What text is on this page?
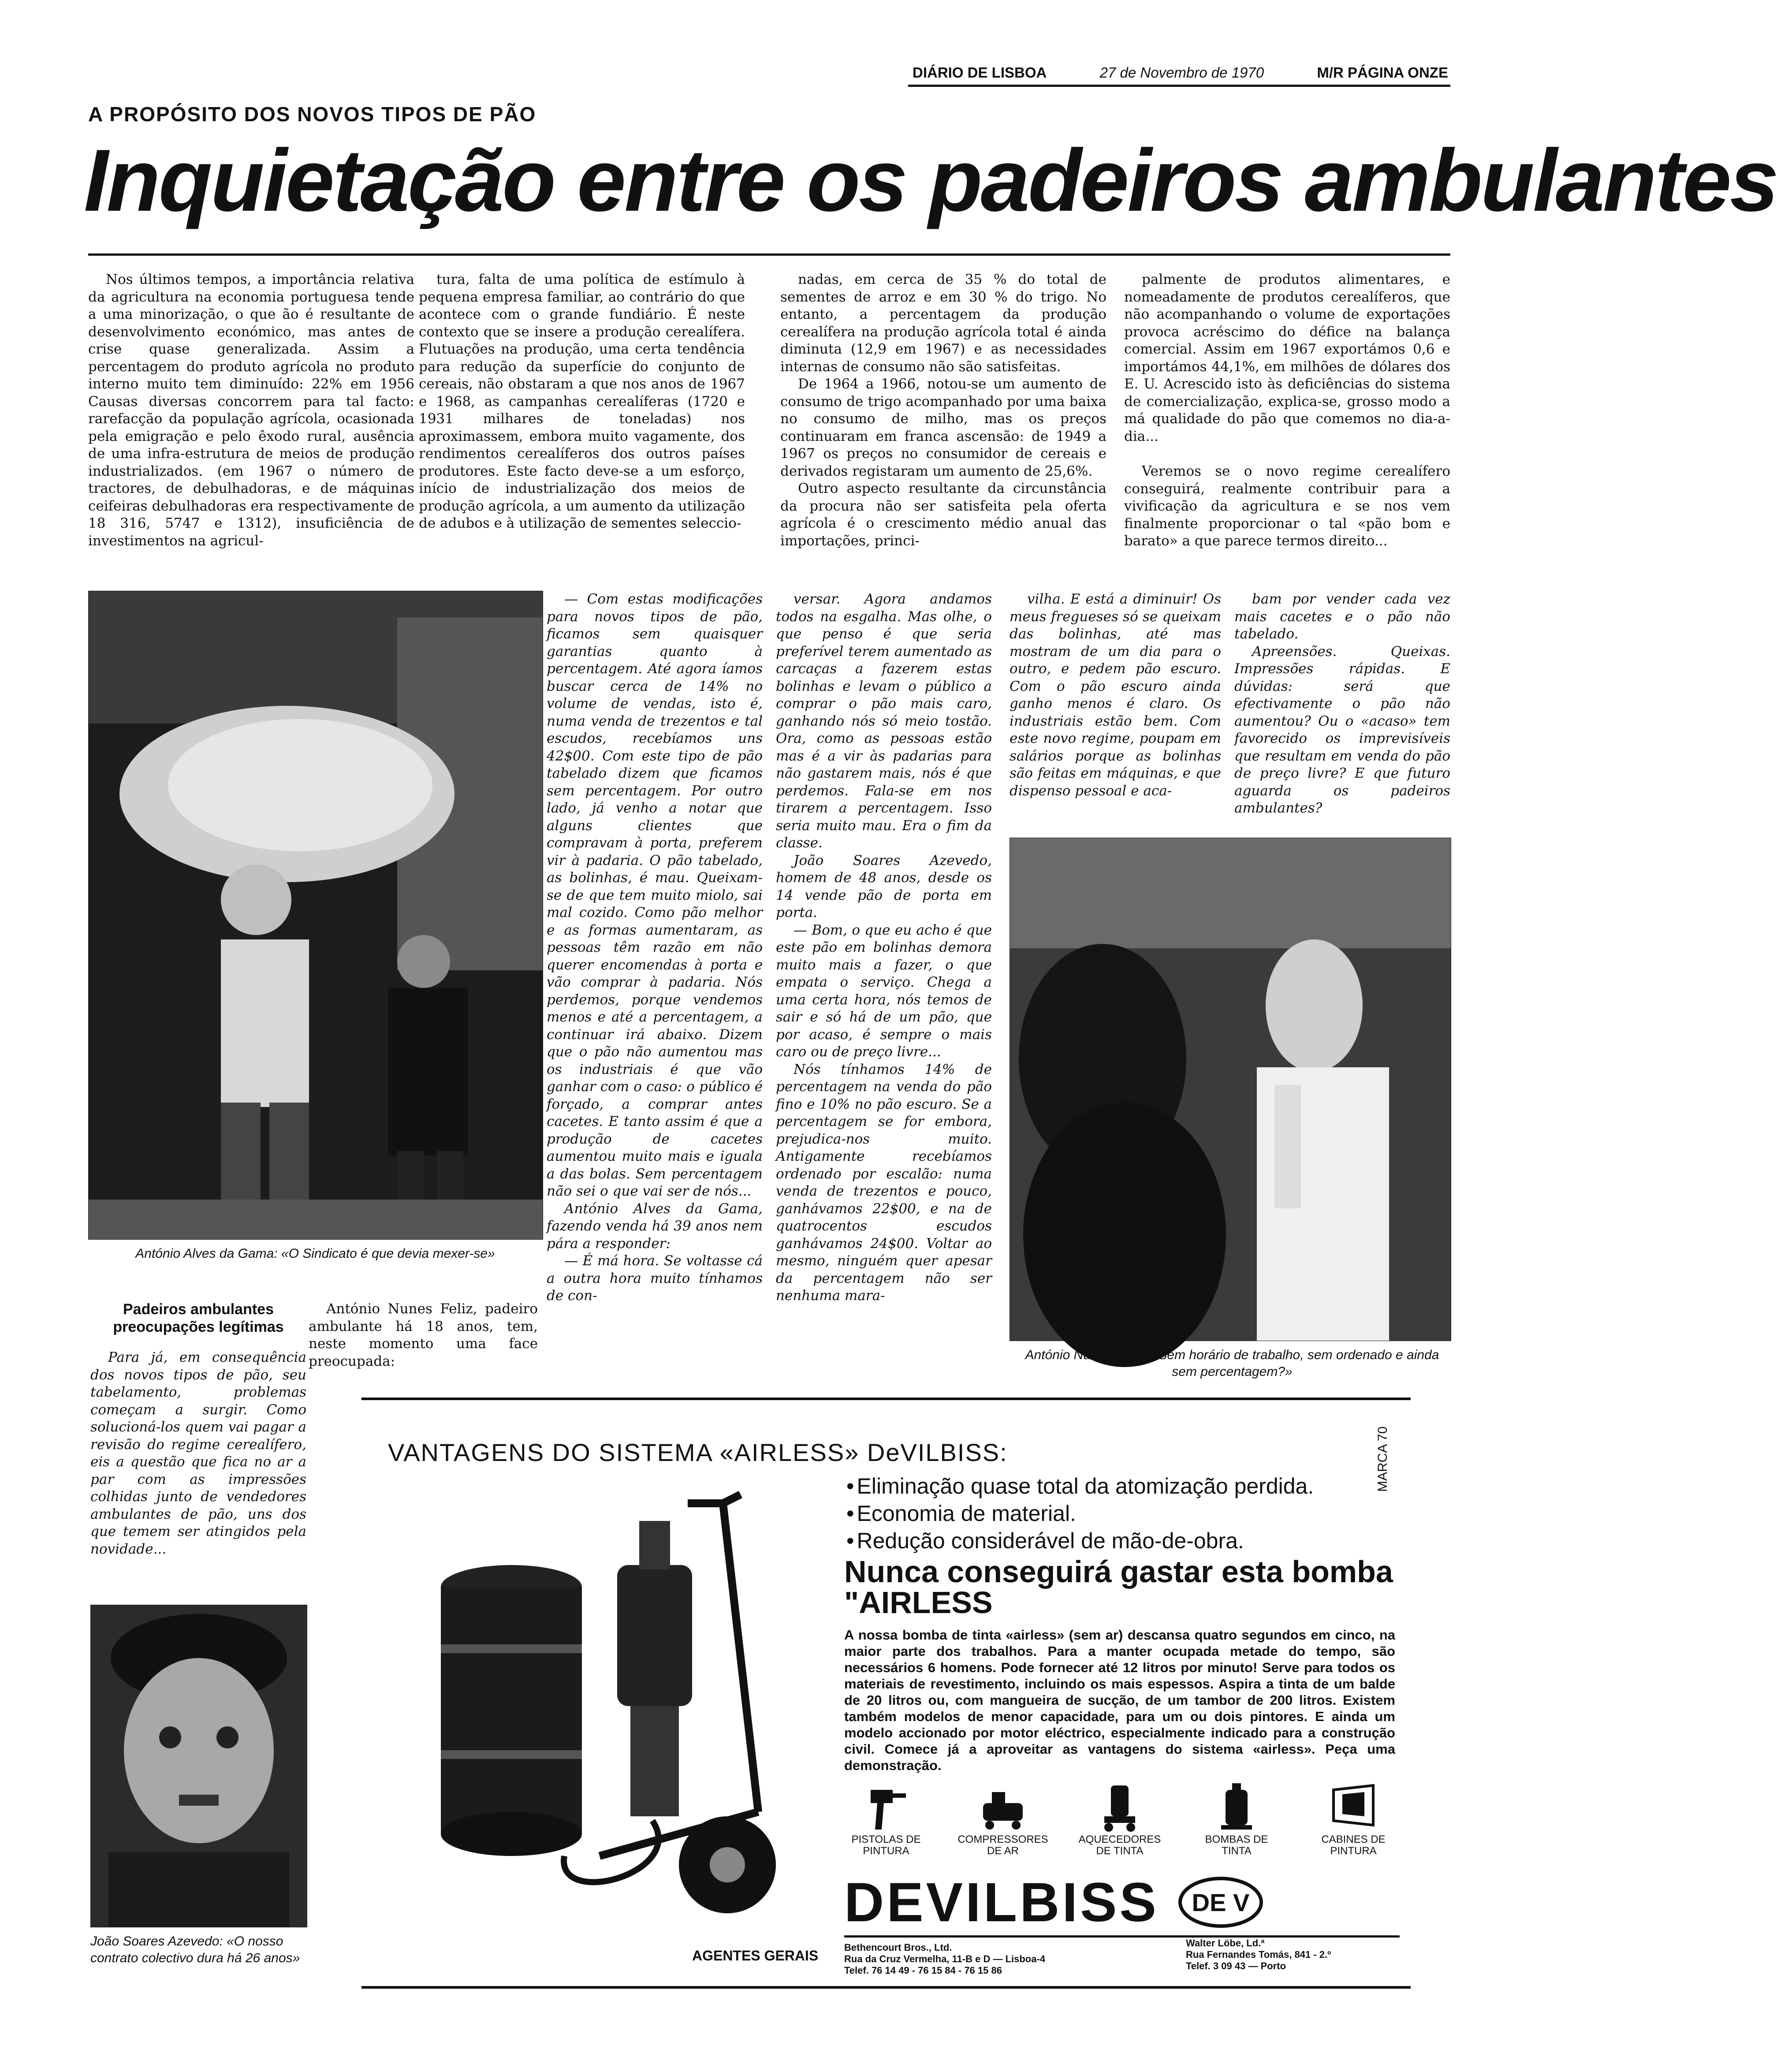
DIÁRIO DE LISBOA	27 de Novembro de 1970	M/R PÁGINA ONZE
A PROPÓSITO DOS NOVOS TIPOS DE PÃO
Inquietação entre os padeiros ambulantes

Nos últimos tempos, a importância relativa da agricultura na economia portuguesa tende a uma minorização, o que ão é resultante de desenvolvimento económico, mas antes de crise quase generalizada. Assim a percentagem do produto agrícola no produto interno muito tem diminuído: 22% em 1956 Causas diversas concorrem para tal facto: rarefacção da população agrícola, ocasionada pela emigração e pelo êxodo rural, ausência de uma infra-estrutura de meios de produção industrializados. (em 1967 o número de tractores, de debulhadoras, e de máquinas ceifeiras debulhadoras era respectivamente de 18 316, 5747 e 1312), insuficiência de investimentos na agricul-

tura, falta de uma política de estímulo à pequena empresa familiar, ao contrário do que acontece com o grande fundiário. É neste contexto que se insere a produção cerealífera. Flutuações na produção, uma certa tendência para redução da superfície do conjunto de cereais, não obstaram a que nos anos de 1967 e 1968, as campanhas cerealíferas (1720 e 1931 milhares de toneladas) nos aproximassem, embora muito vagamente, dos rendimentos cerealíferos dos outros países produtores. Este facto deve-se a um esforço, início de industrialização dos meios de produção agrícola, a um aumento da utilização de adubos e à utilização de sementes seleccio-

nadas, em cerca de 35 % do total de sementes de arroz e em 30 % do trigo. No entanto, a percentagem da produção cerealífera na produção agrícola total é ainda diminuta (12,9 em 1967) e as necessidades internas de consumo não são satisfeitas.

De 1964 a 1966, notou-se um aumento de consumo de trigo acompanhado por uma baixa no consumo de milho, mas os preços continuaram em franca ascensão: de 1949 a 1967 os preços no consumidor de cereais e derivados registaram um aumento de 25,6%.

Outro aspecto resultante da circunstância da procura não ser satisfeita pela oferta agrícola é o crescimento médio anual das importações, princi-

palmente de produtos alimentares, e nomeadamente de produtos cerealíferos, que não acompanhando o volume de exportações provoca acréscimo do défice na balança comercial. Assim em 1967 exportámos 0,6 e importámos 44,1%, em milhões de dólares dos E. U. Acrescido isto às deficiências do sistema de comercialização, explica-se, grosso modo a má qualidade do pão que comemos no dia-a-dia...

Veremos se o novo regime cerealífero conseguirá, realmente contribuir para a vivificação da agricultura e se nos vem finalmente proporcionar o tal «pão bom e barato» a que parece termos direito...

António Alves da Gama: «O Sindicato é que devia mexer-se»

— Com estas modificações para novos tipos de pão, ficamos sem quaisquer garantias quanto à percentagem. Até agora íamos buscar cerca de 14% no volume de vendas, isto é, numa venda de trezentos e tal escudos, recebíamos uns 42$00. Com este tipo de pão tabelado dizem que ficamos sem percentagem. Por outro lado, já venho a notar que alguns clientes que compravam à porta, preferem vir à padaria. O pão tabelado, as bolinhas, é mau. Queixam-se de que tem muito miolo, sai mal cozido. Como pão melhor e as formas aumentaram, as pessoas têm razão em não querer encomendas à porta e vão comprar à padaria. Nós perdemos, porque vendemos menos e até a percentagem, a continuar irá abaixo. Dizem que o pão não aumentou mas os industriais é que vão ganhar com o caso: o público é forçado, a comprar antes cacetes. E tanto assim é que a produção de cacetes aumentou muito mais e iguala a das bolas. Sem percentagem não sei o que vai ser de nós...

António Alves da Gama, fazendo venda há 39 anos nem pára a responder:

— É má hora. Se voltasse cá a outra hora muito tínhamos de con-

versar. Agora andamos todos na esgalha. Mas olhe, o que penso é que seria preferível terem aumentado as carcaças a fazerem estas bolinhas e levam o público a comprar o pão mais caro, ganhando nós só meio tostão. Ora, como as pessoas estão mas é a vir às padarias para não gastarem mais, nós é que perdemos. Fala-se em nos tirarem a percentagem. Isso seria muito mau. Era o fim da classe.

João Soares Azevedo, homem de 48 anos, desde os 14 vende pão de porta em porta.

— Bom, o que eu acho é que este pão em bolinhas demora muito mais a fazer, o que empata o serviço. Chega a uma certa hora, nós temos de sair e só há de um pão, que por acaso, é sempre o mais caro ou de preço livre...

Nós tínhamos 14% de percentagem na venda do pão fino e 10% no pão escuro. Se a percentagem se for embora, prejudica-nos muito. Antigamente recebíamos ordenado por escalão: numa venda de trezentos e pouco, ganhávamos 22$00, e na de quatrocentos escudos ganhávamos 24$00. Voltar ao mesmo, ninguém quer apesar da percentagem não ser nenhuma mara-

vilha. E está a diminuir! Os meus fregueses só se queixam das bolinhas, até mas mostram de um dia para o outro, e pedem pão escuro. Com o pão escuro ainda ganho menos é claro. Os industriais estão bem. Com este novo regime, poupam em salários porque as bolinhas são feitas em máquinas, e que dispenso pessoal e aca-

bam por vender cada vez mais cacetes e o pão não tabelado.

Apreensões. Queixas. Impressões rápidas. E dúvidas: será que efectivamente o pão não aumentou? Ou o «acaso» tem favorecido os imprevisíveis que resultam em venda do pão de preço livre? E que futuro aguarda os padeiros ambulantes?

António Nunes Feliz: «Sem horário de trabalho, sem ordenado e ainda sem percentagem?»
Padeiros ambulantes preocupações legítimas

Para já, em consequência dos novos tipos de pão, seu tabelamento, problemas começam a surgir. Como solucioná-los quem vai pagar a revisão do regime cerealífero, eis a questão que fica no ar a par com as impressões colhidas junto de vendedores ambulantes de pão, uns dos que temem ser atingidos pela novidade...

António Nunes Feliz, padeiro ambulante há 18 anos, tem, neste momento uma face preocupada:

João Soares Azevedo: «O nosso contrato colectivo dura há 26 anos»
VANTAGENS DO SISTEMA «AIRLESS» DeVILBISS:	MARCA 70
• Eliminação quase total da atomização perdida.
• Economia de material.
• Redução considerável de mão-de-obra.
Nunca conseguirá gastar esta bomba "AIRLESS
A nossa bomba de tinta «airless» (sem ar) descansa quatro segundos em cinco, na maior parte dos trabalhos. Para a manter ocupada metade do tempo, são necessários 6 homens. Pode fornecer até 12 litros por minuto! Serve para todos os materiais de revestimento, incluindo os mais espessos. Aspira a tinta de um balde de 20 litros ou, com mangueira de sucção, de um tambor de 200 litros. Existem também modelos de menor capacidade, para um ou dois pintores. E ainda um modelo accionado por motor eléctrico, especialmente indicado para a construção civil. Comece já a aproveitar as vantagens do sistema «airless». Peça uma demonstração.
PISTOLAS DE PINTURA
COMPRESSORES DE AR
AQUECEDORES DE TINTA
BOMBAS DE TINTA
CABINES DE PINTURA
DEVILBISS DE V
AGENTES GERAIS
Bethencourt Bros., Ltd.
Rua da Cruz Vermelha, 11-B e D — Lisboa-4
Telef. 76 14 49 - 76 15 84 - 76 15 86
Walter Löbe, Ld.ª
Rua Fernandes Tomás, 841 - 2.º
Telef. 3 09 43 — Porto
